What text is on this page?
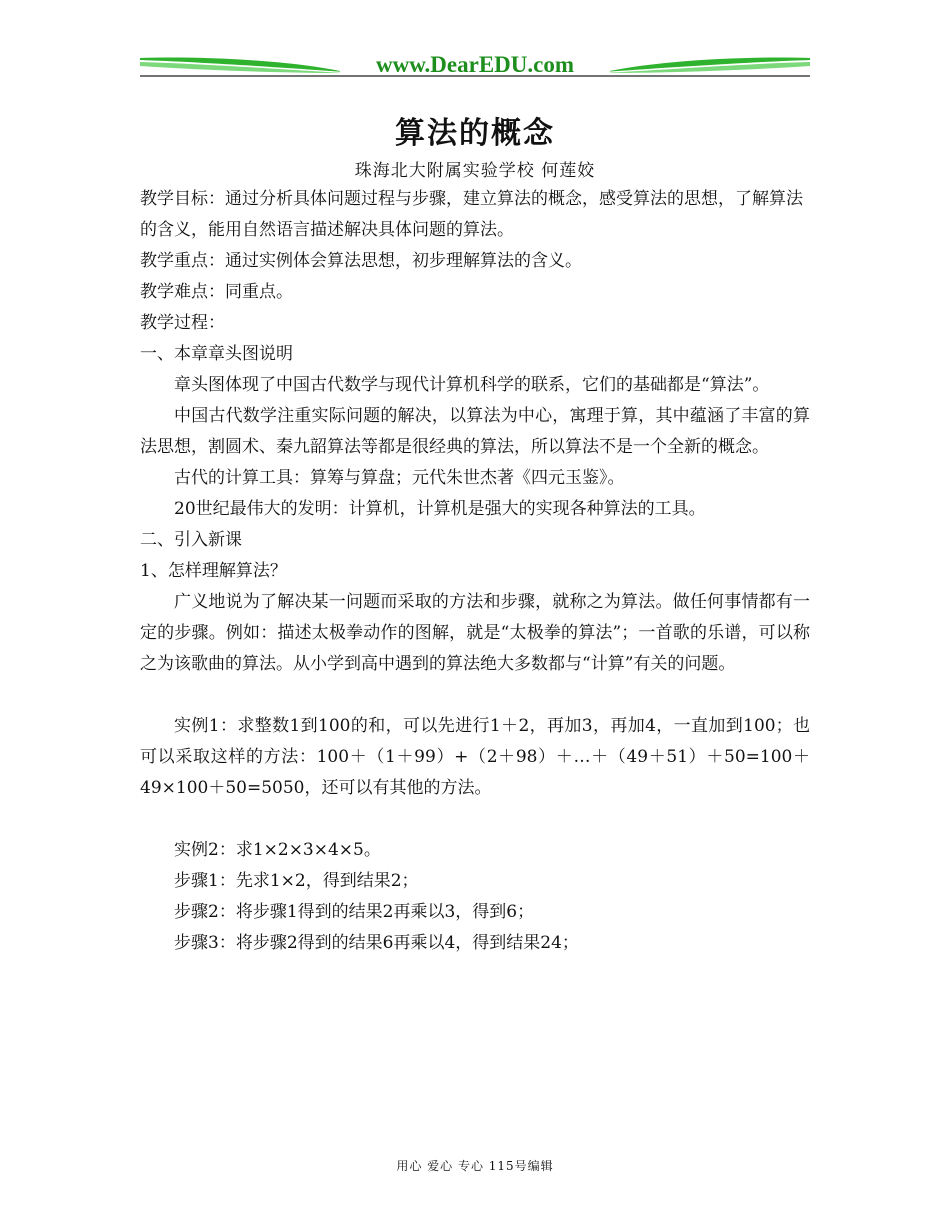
www.DearEDU.com
算法的概念
珠海北大附属实验学校 何莲姣

教学目标：通过分析具体问题过程与步骤，建立算法的概念，感受算法的思想，了解算法的含义，能用自然语言描述解决具体问题的算法。

教学重点：通过实例体会算法思想，初步理解算法的含义。

教学难点：同重点。

教学过程：

一、本章章头图说明

章头图体现了中国古代数学与现代计算机科学的联系，它们的基础都是“算法”。

中国古代数学注重实际问题的解决，以算法为中心，寓理于算，其中蕴涵了丰富的算法思想，割圆术、秦九韶算法等都是很经典的算法，所以算法不是一个全新的概念。

古代的计算工具：算筹与算盘；元代朱世杰著《四元玉鉴》。

20世纪最伟大的发明：计算机，计算机是强大的实现各种算法的工具。

二、引入新课

1、怎样理解算法？

广义地说为了解决某一问题而采取的方法和步骤，就称之为算法。做任何事情都有一定的步骤。例如：描述太极拳动作的图解，就是“太极拳的算法”；一首歌的乐谱，可以称之为该歌曲的算法。从小学到高中遇到的算法绝大多数都与“计算”有关的问题。

实例1：求整数1到100的和，可以先进行1＋2，再加3，再加4，一直加到100；也可以采取这样的方法：100＋（1＋99）+（2＋98）＋…＋（49＋51）＋50=100＋49×100＋50=5050，还可以有其他的方法。

实例2：求1×2×3×4×5。

步骤1：先求1×2，得到结果2；

步骤2：将步骤1得到的结果2再乘以3，得到6；

步骤3：将步骤2得到的结果6再乘以4，得到结果24；

用心 爱心 专心 115号编辑
